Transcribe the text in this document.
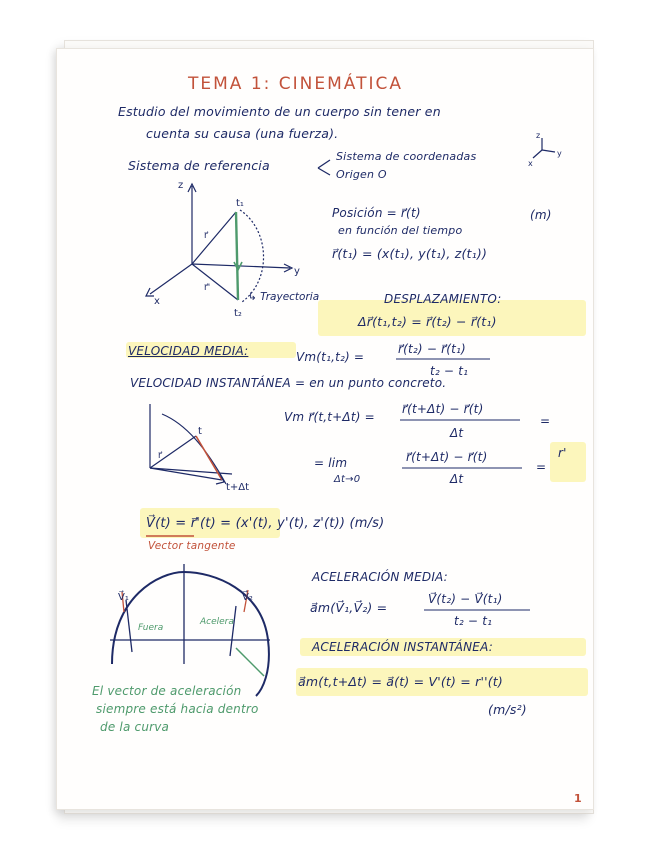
TEMA 1: CINEMÁTICA
Estudio del movimiento de un cuerpo sin tener en
cuenta su causa (una fuerza).
Sistema de referencia
Sistema de coordenadas
Origen O
Posición = r⃗(t)	(m)
en función del tiempo
r⃗(t₁) = (x(t₁), y(t₁), z(t₁))
DESPLAZAMIENTO:
Δr⃗(t₁,t₂) = r⃗(t₂) − r⃗(t₁)
VELOCIDAD MEDIA:	Vm(t₁,t₂) =
r⃗(t₂) − r⃗(t₁)
t₂ − t₁
VELOCIDAD INSTANTÁNEA = en un punto concreto.
Vm r⃗(t,t+Δt) =
r⃗(t+Δt) − r⃗(t)
Δt
=
= lim
Δt→0
r⃗(t+Δt) − r⃗(t)
Δt
=
r'
V⃗(t) = r⃗'(t) = (x'(t), y'(t), z'(t)) (m/s)
Vector tangente
ACELERACIÓN MEDIA:
a⃗m(V⃗₁,V⃗₂) =
V⃗(t₂) − V⃗(t₁)
t₂ − t₁
ACELERACIÓN INSTANTÁNEA:
a⃗m(t,t+Δt) = a⃗(t) = V'(t) = r''(t)
(m/s²)
El vector de aceleración
siempre está hacia dentro
de la curva
1
z
y
x
z
y
x
t₁
t₂
r⃗
r⃗'
↳ Trayectoria
t
t+Δt
r⃗
V⃗₁	V⃗₂
Fuera
Acelera
